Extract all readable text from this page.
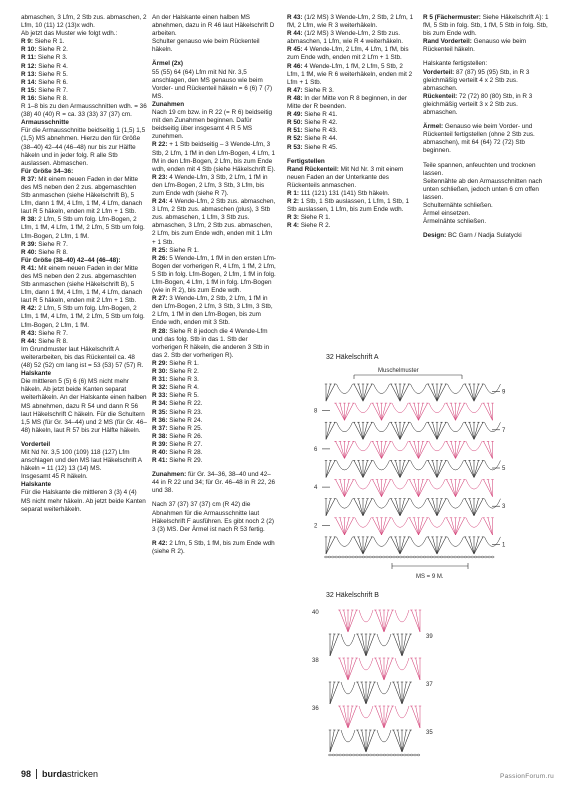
abmaschen, 3 Lfm, 2 Stb zus. abmaschen, 2 Lfm, 10 (11) 12 (13)x wdh.

Ab jetzt das Muster wie folgt wdh.:

R 9: Siehe R 1.

R 10: Siehe R 2.

R 11: Siehe R 3.

R 12: Siehe R 4.

R 13: Siehe R 5.

R 14: Siehe R 6.

R 15: Siehe R 7.

R 16: Siehe R 8.

R 1–8 bis zu den Armausschnitten wdh. = 36 (38) 40 (40) R = ca. 33 (33) 37 (37) cm.

Armausschnitte

Für die Armausschnitte beidseitig 1 (1,5) 1,5 (1,5) MS abnehmen. Hierzu den für Größe (38–40) 42–44 (46–48) nur bis zur Hälfte häkeln und in jeder folg. R alle Stb auslassen. Abmaschen.

Für Größe 34–36:

R 37: Mit einem neuen Faden in der Mitte des MS neben den 2 zus. abgemaschten Stb anmaschen (siehe Häkelschrift B), 5 Lfm, dann 1 fM, 4 Lfm, 1 fM, 4 Lfm, danach laut R 5 häkeln, enden mit 2 Lfm + 1 Stb.

R 38: 2 Lfm, 5 Stb um folg. Lfm-Bogen, 2 Lfm, 1 fM, 4 Lfm, 1 fM, 2 Lfm, 5 Stb um folg. Lfm-Bogen, 2 Lfm, 1 fM.

R 39: Siehe R 7.

R 40: Siehe R 8.

Für Größe (38–40) 42–44 (46–48):

R 41: Mit einem neuen Faden in der Mitte des MS neben den 2 zus. abgemaschten Stb anmaschen (siehe Häkelschrift B), 5 Lfm, dann 1 fM, 4 Lfm, 1 fM, 4 Lfm, danach laut R 5 häkeln, enden mit 2 Lfm + 1 Stb.

R 42: 2 Lfm, 5 Stb um folg. Lfm-Bogen, 2 Lfm, 1 fM, 4 Lfm, 1 fM, 2 Lfm, 5 Stb um folg. Lfm-Bogen, 2 Lfm, 1 fM.

R 43: Siehe R 7.

R 44: Siehe R 8.

Im Grundmuster laut Häkelschrift A weiterarbeiten, bis das Rückenteil ca. 48 (48) 52 (52) cm lang ist = 53 (53) 57 (57) R.

Halskante

Die mittleren 5 (5) 6 (6) MS nicht mehr häkeln. Ab jetzt beide Kanten separat weiterhäkeln. An der Halskante einen halben MS abnehmen, dazu R 54 und dann R 56 laut Häkelschrift C häkeln. Für die Schultern 1,5 MS (für Gr. 34–44) und 2 MS (für Gr. 46–48) häkeln, laut R 57 bis zur Hälfte häkeln.

Vorderteil

Mit Nd Nr. 3,5 100 (109) 118 (127) Lfm anschlagen und den MS laut Häkelschrift A häkeln = 11 (12) 13 (14) MS.

Insgesamt 45 R häkeln.

Halskante

Für die Halskante die mittleren 3 (3) 4 (4) MS nicht mehr häkeln. Ab jetzt beide Kanten separat weiterhäkeln.

An der Halskante einen halben MS abnehmen, dazu in R 46 laut Häkelschrift D arbeiten.

Schulter genauso wie beim Rückenteil häkeln.

Ärmel (2x)

55 (55) 64 (64) Lfm mit Nd Nr. 3,5 anschlagen, den MS genauso wie beim Vorder- und Rückenteil häkeln = 6 (6) 7 (7) MS.

Zunahmen

Nach 19 cm bzw. in R 22 (= R 6) beidseitig mit den Zunahmen beginnen. Dafür beidseitig über insgesamt 4 R 5 MS zunehmen.

R 22: + 1 Stb beidseitig – 3 Wende-Lfm, 3 Stb, 2 Lfm, 1 fM in den Lfm-Bogen, 4 Lfm, 1 fM in den Lfm-Bogen, 2 Lfm, bis zum Ende wdh, enden mit 4 Stb (siehe Häkelschrift E).

R 23: 4 Wende-Lfm, 3 Stb, 2 Lfm, 1 fM in den Lfm-Bogen, 2 Lfm, 3 Stb, 3 Lfm, bis zum Ende wdh (siehe R 7).

R 24: 4 Wende-Lfm, 2 Stb zus. abmaschen, 3 Lfm, 2 Stb zus. abmaschen (plus), 3 Stb zus. abmaschen, 1 Lfm, 3 Stb zus. abmaschen, 3 Lfm, 2 Stb zus. abmaschen, 2 Lfm, bis zum Ende wdh, enden mit 1 Lfm + 1 Stb.

R 25: Siehe R 1.

R 26: 5 Wende-Lfm, 1 fM in den ersten Lfm-Bogen der vorherigen R, 4 Lfm, 1 fM, 2 Lfm, 5 Stb in folg. Lfm-Bogen, 2 Lfm, 1 fM in folg. Lfm-Bogen, 4 Lfm, 1 fM in folg. Lfm-Bogen (wie in R 2), bis zum Ende wdh.

R 27: 3 Wende-Lfm, 2 Stb, 2 Lfm, 1 fM in den Lfm-Bogen, 2 Lfm, 3 Stb, 3 Lfm, 3 Stb, 2 Lfm, 1 fM in den Lfm-Bogen, bis zum Ende wdh, enden mit 3 Stb.

R 28: Siehe R 8 jedoch die 4 Wende-Lfm und das folg. Stb in das 1. Stb der vorherigen R häkeln, die anderen 3 Stb in das 2. Stb der vorherigen R).

R 29: Siehe R 1.

R 30: Siehe R 2.

R 31: Siehe R 3.

R 32: Siehe R 4.

R 33: Siehe R 5.

R 34: Siehe R 22.

R 35: Siehe R 23.

R 36: Siehe R 24.

R 37: Siehe R 25.

R 38: Siehe R 26.

R 39: Siehe R 27.

R 40: Siehe R 28.

R 41: Siehe R 29.

Zunahmen: für Gr. 34–36, 38–40 und 42–44 in R 22 und 34; für Gr. 46–48 in R 22, 26 und 38.

Nach 37 (37) 37 (37) cm (R 42) die Abnahmen für die Armausschnitte laut Häkelschrift F ausführen. Es gibt noch 2 (2) 3 (3) MS. Der Ärmel ist nach R 53 fertig.

R 42: 2 Lfm, 5 Stb, 1 fM, bis zum Ende wdh (siehe R 2).

R 43: (1/2 MS) 3 Wende-Lfm, 2 Stb, 2 Lfm, 1 fM, 2 Lfm, wie R 3 weiterhäkeln.

R 44: (1/2 MS) 3 Wende-Lfm, 2 Stb zus. abmaschen, 1 Lfm, wie R 4 weiterhäkeln.

R 45: 4 Wende-Lfm, 2 Lfm, 4 Lfm, 1 fM, bis zum Ende wdh, enden mit 2 Lfm + 1 Stb.

R 46: 4 Wende-Lfm, 1 fM, 2 Lfm, 5 Stb, 2 Lfm, 1 fM, wie R 6 weiterhäkeln, enden mit 2 Lfm + 1 Stb.

R 47: Siehe R 3.

R 48: In der Mitte von R 8 beginnen, in der Mitte der R beenden.

R 49: Siehe R 41.

R 50: Siehe R 42.

R 51: Siehe R 43.

R 52: Siehe R 44.

R 53: Siehe R 45.

Fertigstellen

Rand Rückenteil: Mit Nd Nr. 3 mit einem neuen Faden an der Unterkante des Rückenteils anmaschen.

R 1: 111 (121) 131 (141) Stb häkeln.

R 2: 1 Stb, 1 Stb auslassen, 1 Lfm, 1 Stb, 1 Stb auslassen, 1 Lfm, bis zum Ende wdh.

R 3: Siehe R 1.

R 4: Siehe R 2.

R 5 (Fächermuster: Siehe Häkelschrift A): 1 fM, 5 Stb in folg. Stb, 1 fM, 5 Stb in folg. Stb, bis zum Ende wdh.

Rand Vorderteil: Genauso wie beim Rückenteil häkeln.

Halskante fertigstellen:

Vorderteil: 87 (87) 95 (95) Stb, in R 3 gleichmäßig verteilt 4 x 2 Stb zus. abmaschen.

Rückenteil: 72 (72) 80 (80) Stb, in R 3 gleichmäßig verteilt 3 x 2 Stb zus. abmaschen.

Ärmel: Genauso wie beim Vorder- und Rückenteil fertigstellen (ohne 2 Stb zus. abmaschen), mit 64 (64) 72 (72) Stb beginnen.

Teile spannen, anfeuchten und trocknen lassen.

Seitennähte ab den Armausschnitten nach unten schließen, jedoch unten 6 cm offen lassen.

Schulternähte schließen.

Ärmel einsetzen.

Ärmelnähte schließen.

Design: BC Garn / Nadja Sulatycki

32 Häkelschrift A
Muschelmuster
9
7
5
3
1
8
6
4
2
MS = 9 M.
32 Häkelschrift B
40
38
36
39
37
35
98 burdastricken	PassionForum.ru
